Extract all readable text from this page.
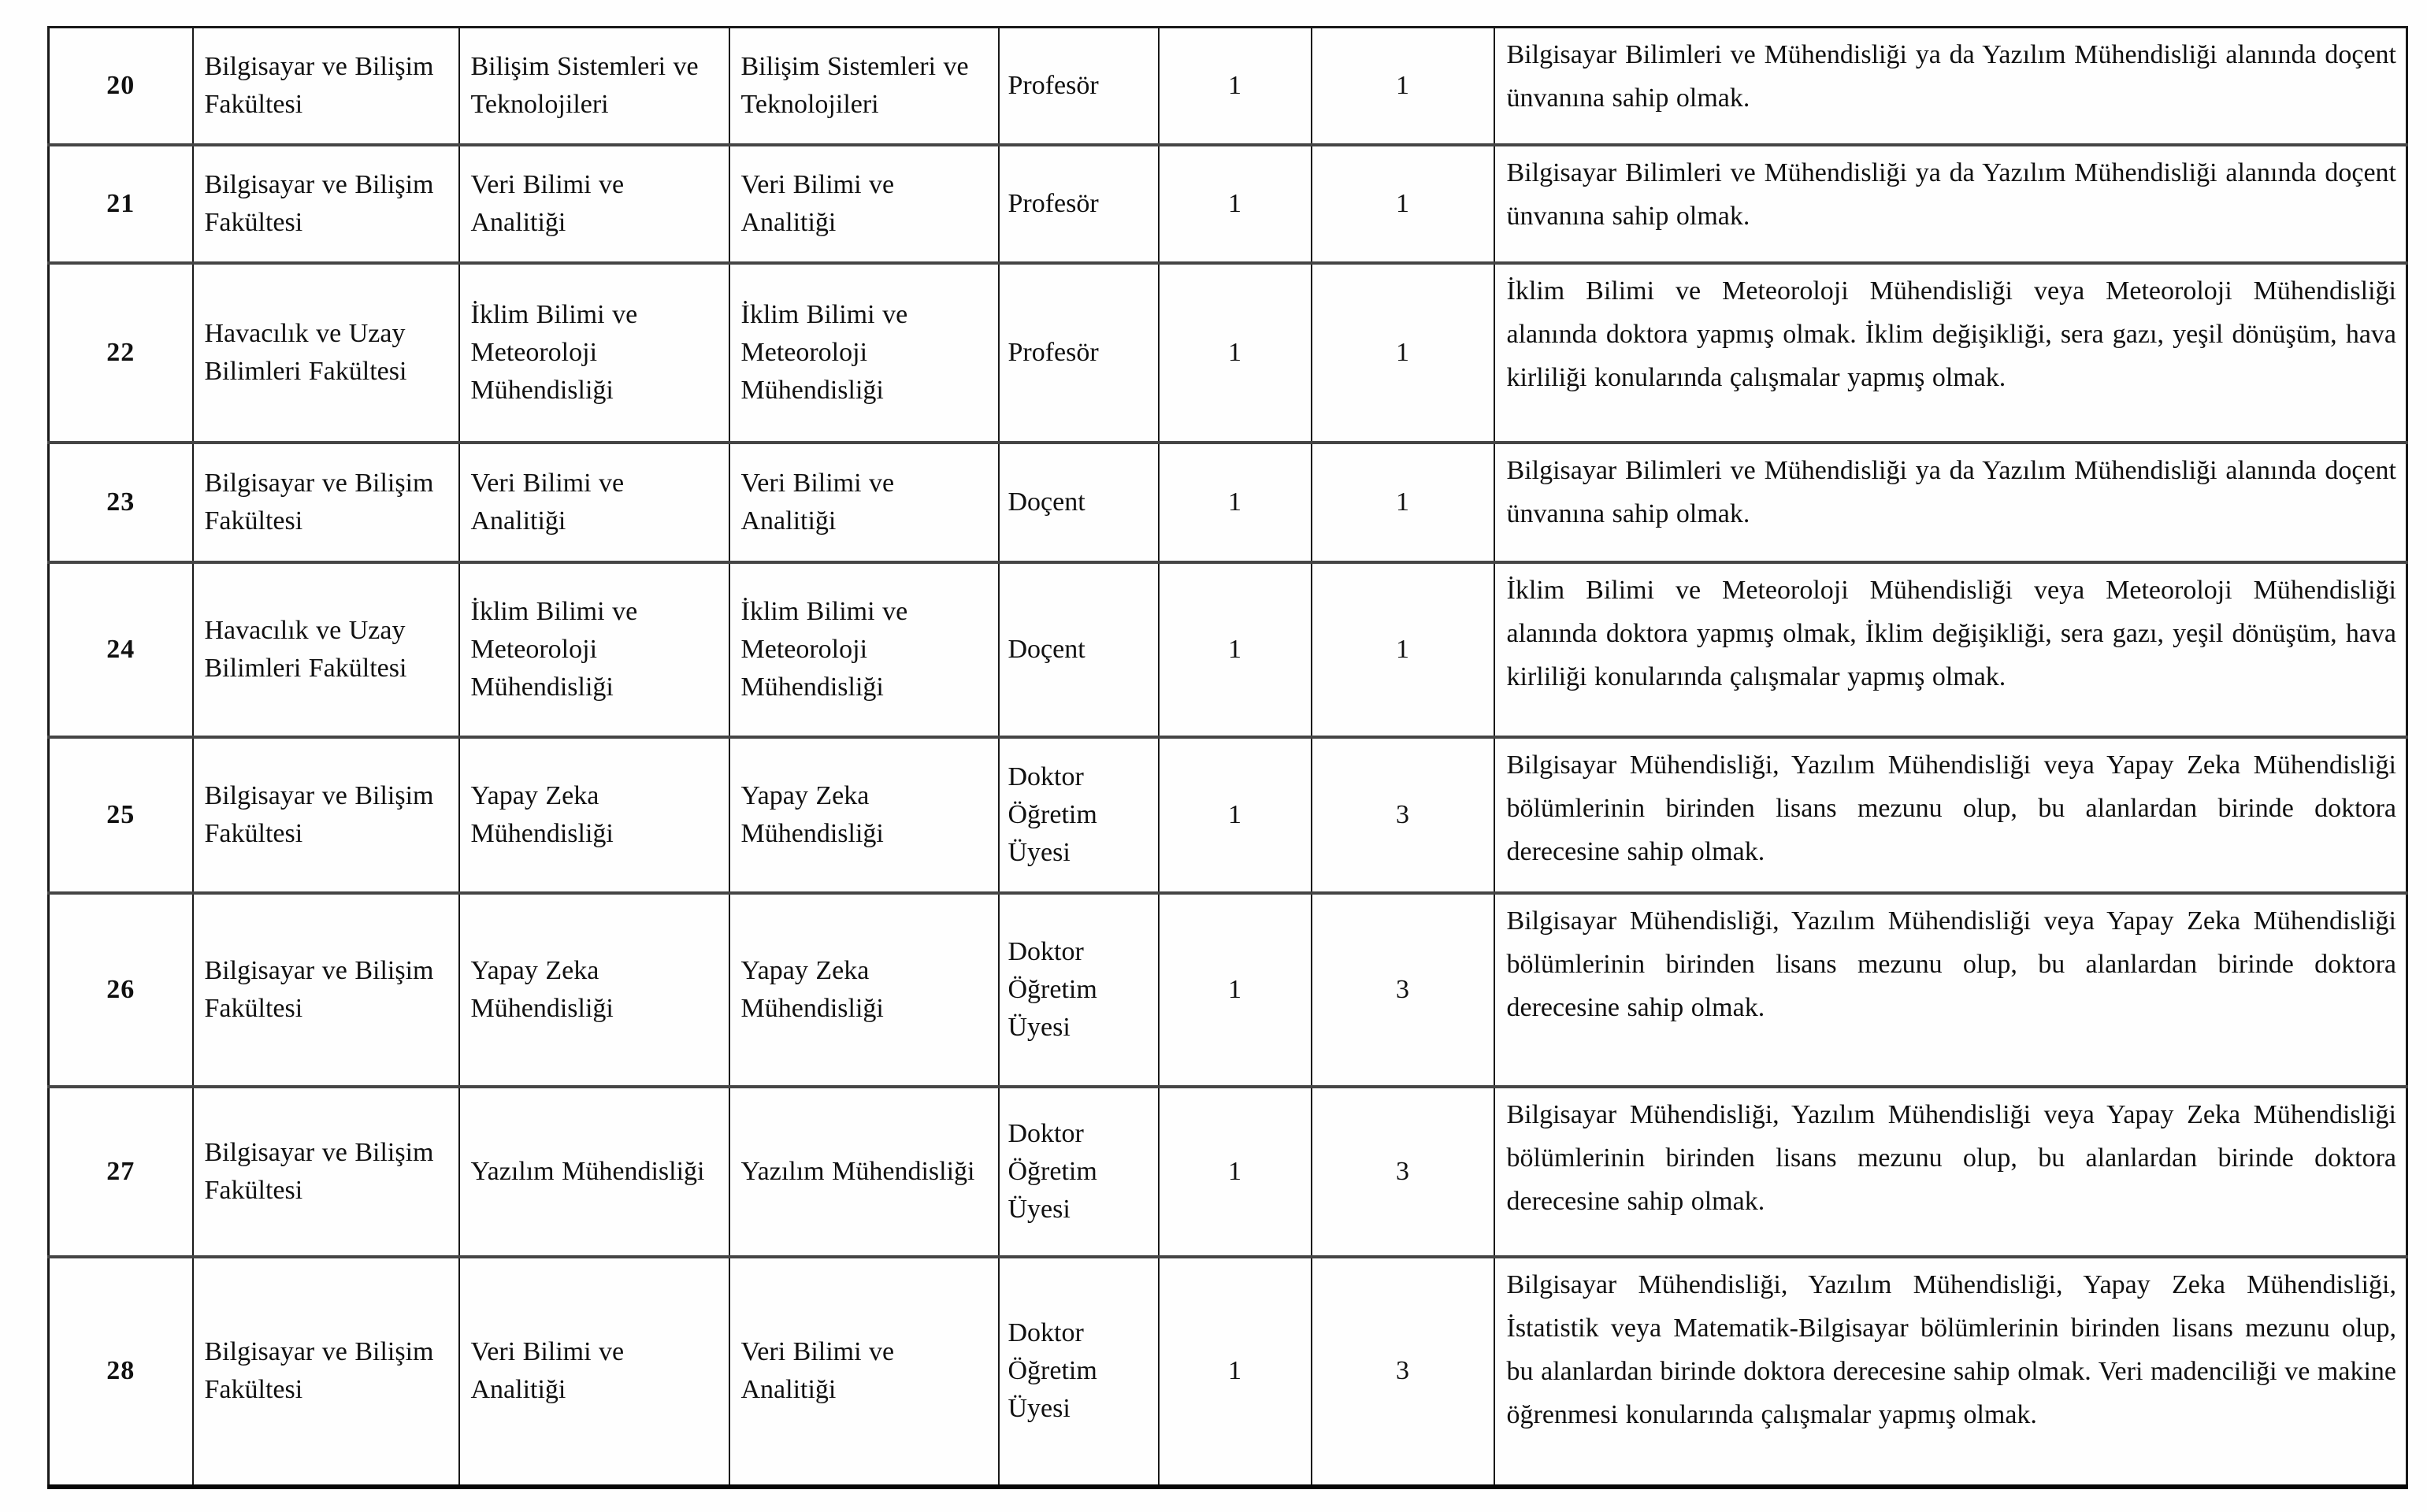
20	Bilgisayar ve Bilişim Fakültesi	Bilişim Sistemleri ve Teknolojileri	Bilişim Sistemleri ve Teknolojileri	Profesör	1	1	Bilgisayar Bilimleri ve Mühendisliği ya da Yazılım Mühendisliği alanında doçent ünvanına sahip olmak.
21	Bilgisayar ve Bilişim Fakültesi	Veri Bilimi ve Analitiği	Veri Bilimi ve Analitiği	Profesör	1	1	Bilgisayar Bilimleri ve Mühendisliği ya da Yazılım Mühendisliği alanında doçent ünvanına sahip olmak.
22	Havacılık ve Uzay Bilimleri Fakültesi	İklim Bilimi ve Meteoroloji Mühendisliği	İklim Bilimi ve Meteoroloji Mühendisliği	Profesör	1	1	İklim Bilimi ve Meteoroloji Mühendisliği veya Meteoroloji Mühendisliği alanında doktora yapmış olmak. İklim değişikliği, sera gazı, yeşil dönüşüm, hava kirliliği konularında çalışmalar yapmış olmak.
23	Bilgisayar ve Bilişim Fakültesi	Veri Bilimi ve Analitiği	Veri Bilimi ve Analitiği	Doçent	1	1	Bilgisayar Bilimleri ve Mühendisliği ya da Yazılım Mühendisliği alanında doçent ünvanına sahip olmak.
24	Havacılık ve Uzay Bilimleri Fakültesi	İklim Bilimi ve Meteoroloji Mühendisliği	İklim Bilimi ve Meteoroloji Mühendisliği	Doçent	1	1	İklim Bilimi ve Meteoroloji Mühendisliği veya Meteoroloji Mühendisliği alanında doktora yapmış olmak, İklim değişikliği, sera gazı, yeşil dönüşüm, hava kirliliği konularında çalışmalar yapmış olmak.
25	Bilgisayar ve Bilişim Fakültesi	Yapay Zeka Mühendisliği	Yapay Zeka Mühendisliği	Doktor Öğretim Üyesi	1	3	Bilgisayar Mühendisliği, Yazılım Mühendisliği veya Yapay Zeka Mühendisliği bölümlerinin birinden lisans mezunu olup, bu alanlardan birinde doktora derecesine sahip olmak.
26	Bilgisayar ve Bilişim Fakültesi	Yapay Zeka Mühendisliği	Yapay Zeka Mühendisliği	Doktor Öğretim Üyesi	1	3	Bilgisayar Mühendisliği, Yazılım Mühendisliği veya Yapay Zeka Mühendisliği bölümlerinin birinden lisans mezunu olup, bu alanlardan birinde doktora derecesine sahip olmak.
27	Bilgisayar ve Bilişim Fakültesi	Yazılım Mühendisliği	Yazılım Mühendisliği	Doktor Öğretim Üyesi	1	3	Bilgisayar Mühendisliği, Yazılım Mühendisliği veya Yapay Zeka Mühendisliği bölümlerinin birinden lisans mezunu olup, bu alanlardan birinde doktora derecesine sahip olmak.
28	Bilgisayar ve Bilişim Fakültesi	Veri Bilimi ve Analitiği	Veri Bilimi ve Analitiği	Doktor Öğretim Üyesi	1	3	Bilgisayar Mühendisliği, Yazılım Mühendisliği, Yapay Zeka Mühendisliği, İstatistik veya Matematik-Bilgisayar bölümlerinin birinden lisans mezunu olup, bu alanlardan birinde doktora derecesine sahip olmak. Veri madenciliği ve makine öğrenmesi konularında çalışmalar yapmış olmak.
